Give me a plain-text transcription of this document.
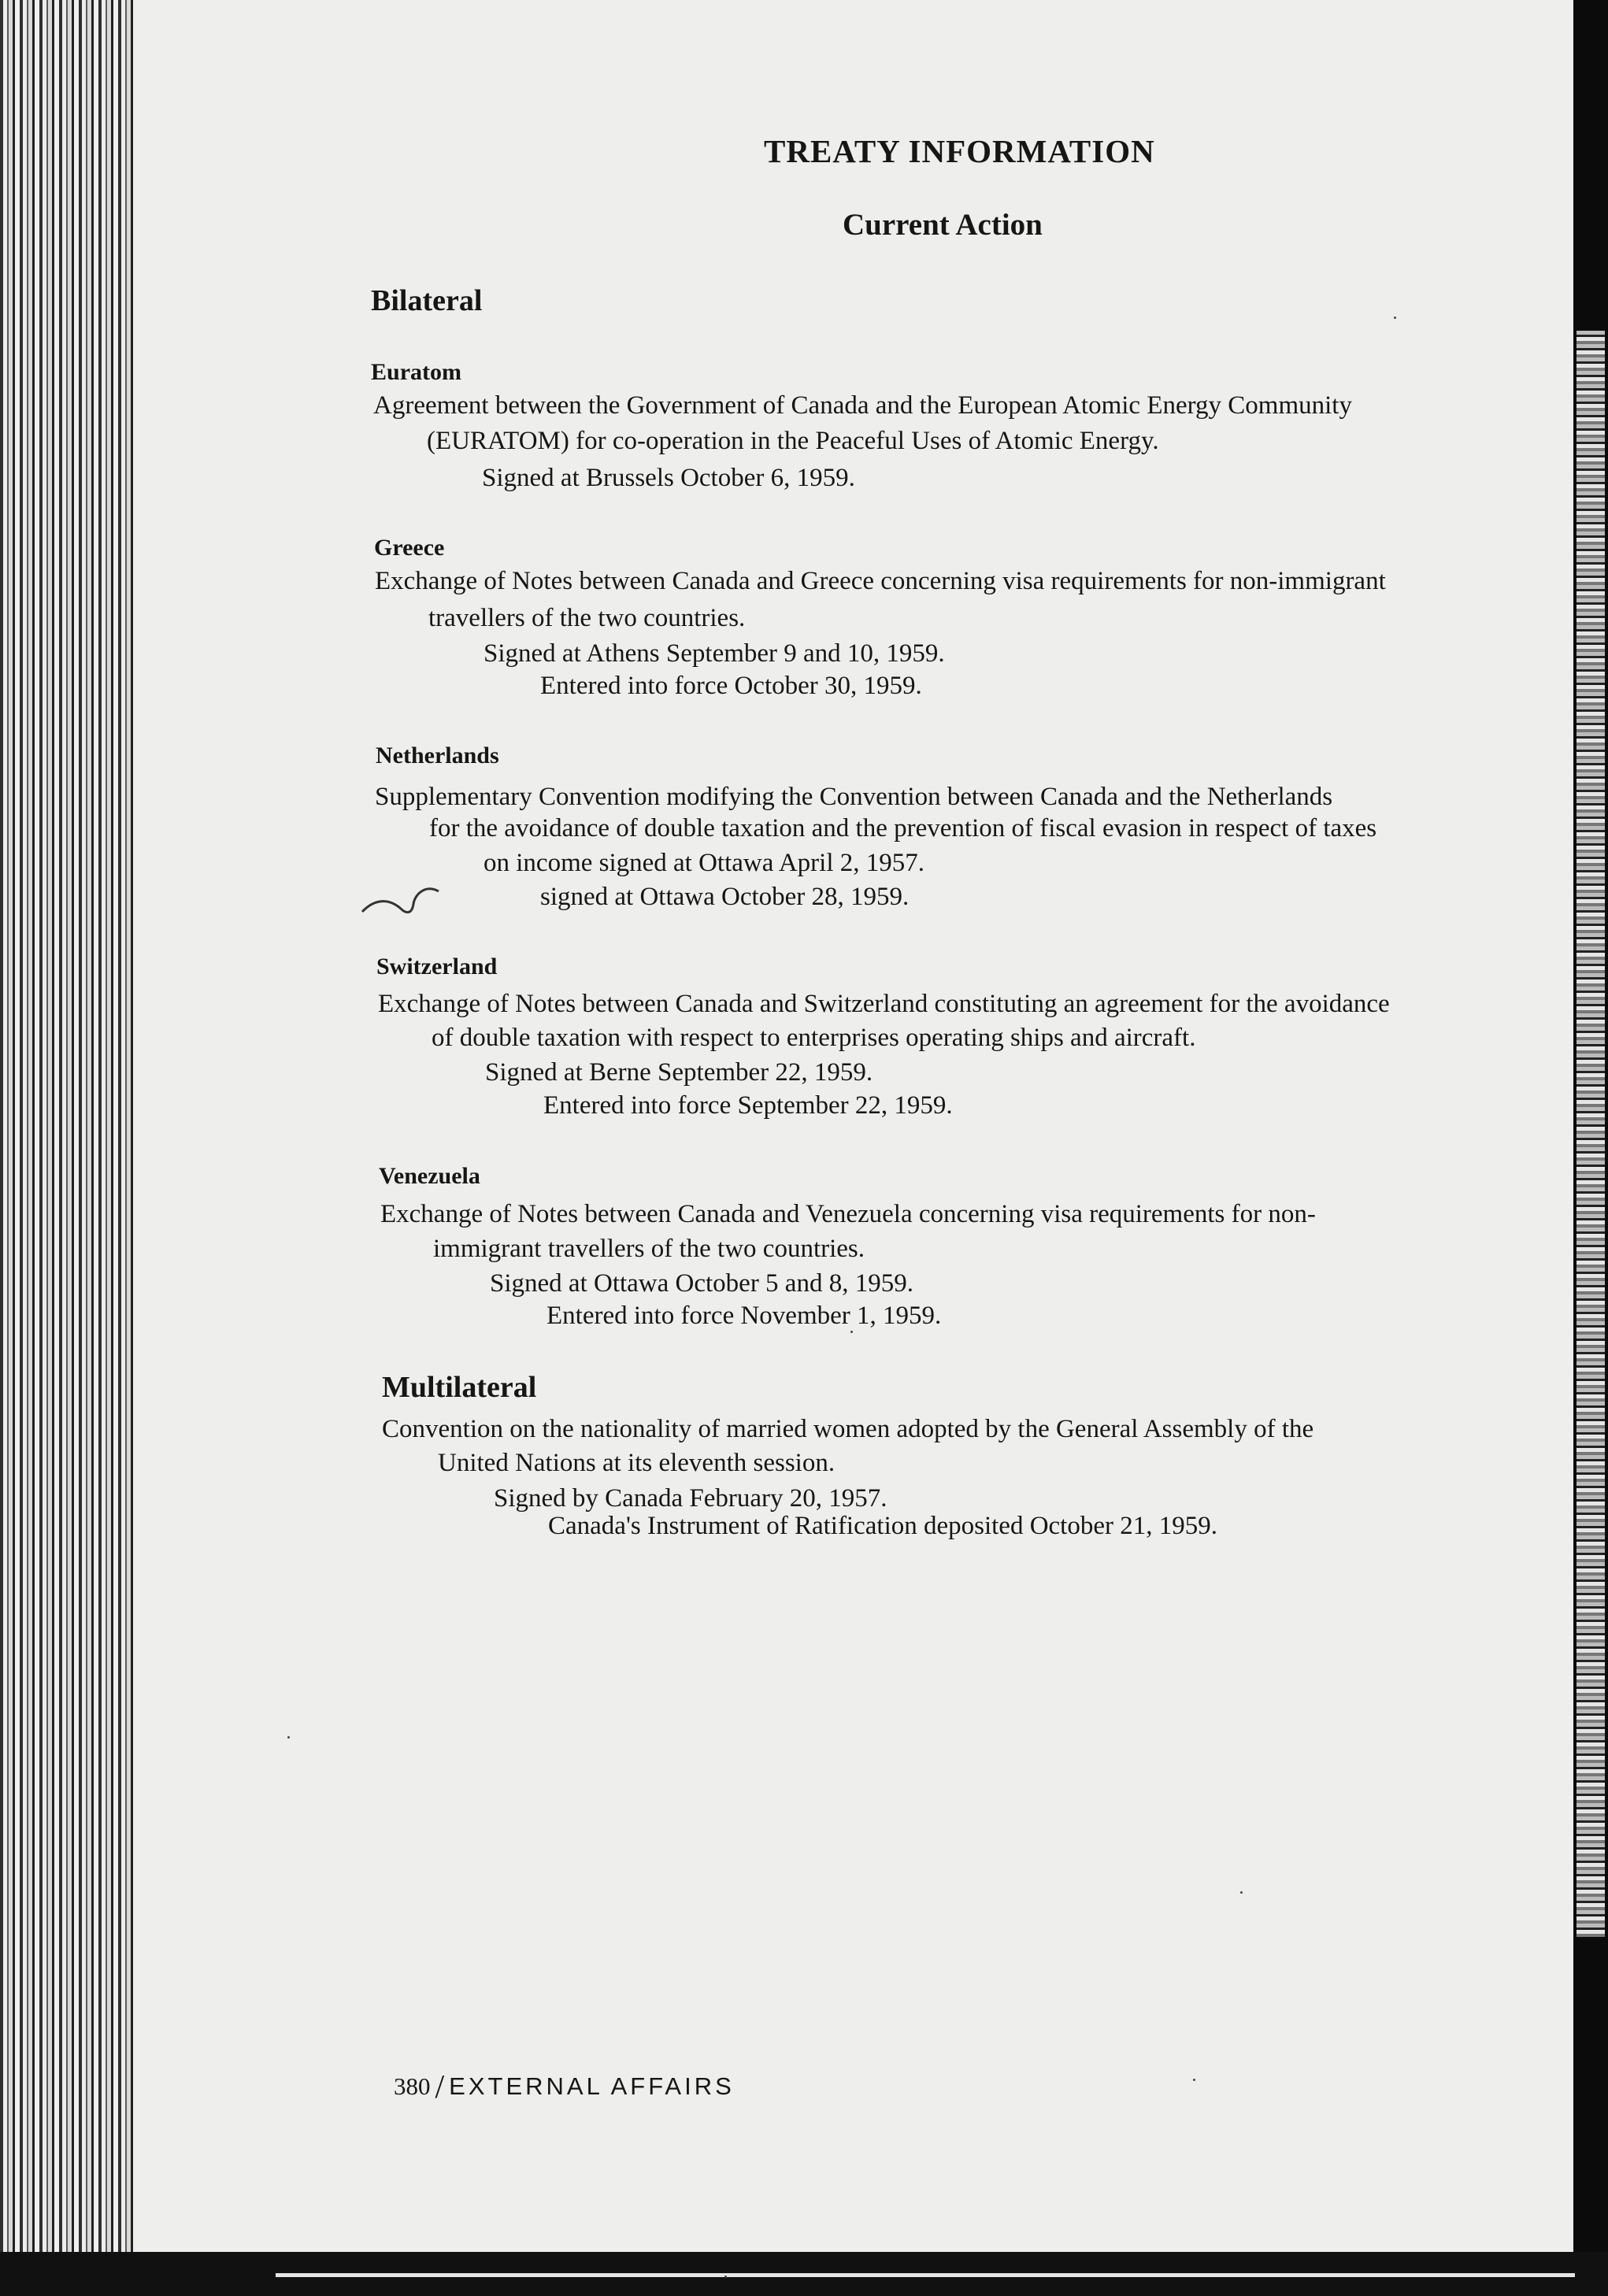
TREATY INFORMATION
Current Action
Bilateral
Euratom
Agreement between the Government of Canada and the European Atomic Energy Community
(EURATOM) for co-operation in the Peaceful Uses of Atomic Energy.
Signed at Brussels October 6, 1959.
Greece
Exchange of Notes between Canada and Greece concerning visa requirements for non-immigrant
travellers of the two countries.
Signed at Athens September 9 and 10, 1959.
Entered into force October 30, 1959.
Netherlands
Supplementary Convention modifying the Convention between Canada and the Netherlands
for the avoidance of double taxation and the prevention of fiscal evasion in respect of taxes
on income signed at Ottawa April 2, 1957.
signed at Ottawa October 28, 1959.
Switzerland
Exchange of Notes between Canada and Switzerland constituting an agreement for the avoidance
of double taxation with respect to enterprises operating ships and aircraft.
Signed at Berne September 22, 1959.
Entered into force September 22, 1959.
Venezuela
Exchange of Notes between Canada and Venezuela concerning visa requirements for non-
immigrant travellers of the two countries.
Signed at Ottawa October 5 and 8, 1959.
Entered into force November 1, 1959.
Multilateral
Convention on the nationality of married women adopted by the General Assembly of the
United Nations at its eleventh session.
Signed by Canada February 20, 1957.
Canada's Instrument of Ratification deposited October 21, 1959.
380 / EXTERNAL AFFAIRS
